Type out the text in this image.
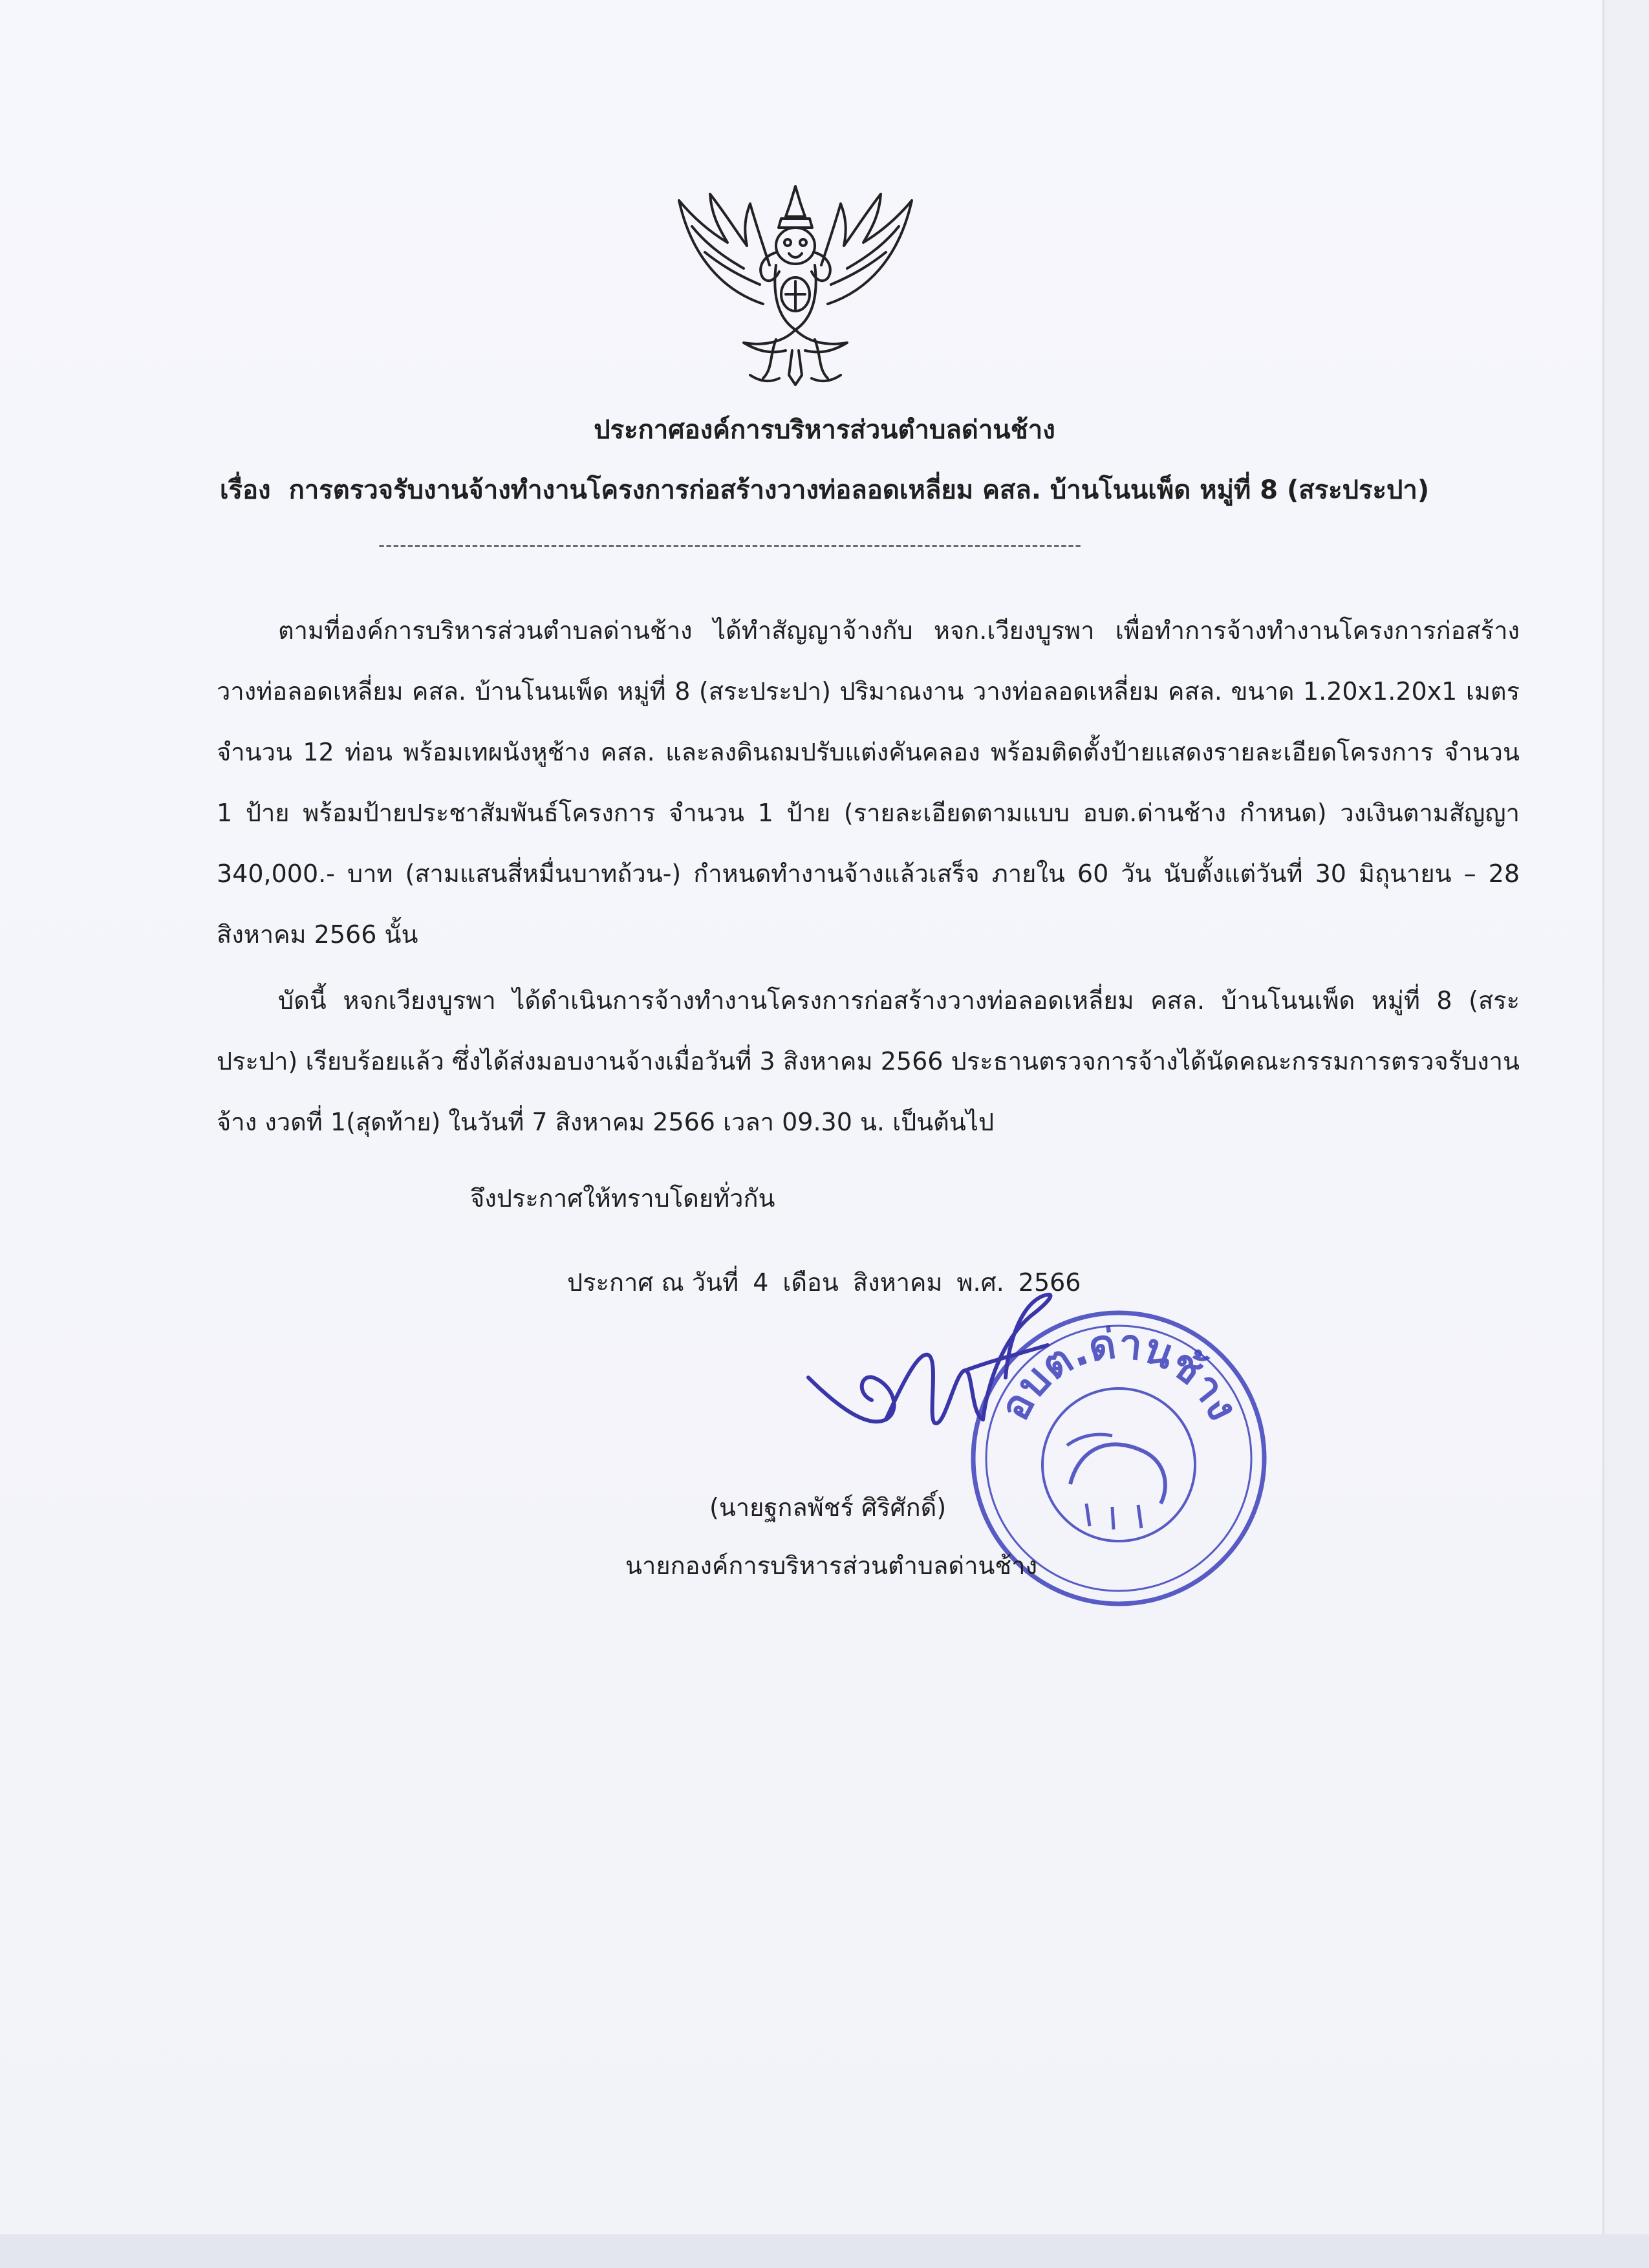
ประกาศองค์การบริหารส่วนตำบลด่านช้าง
เรื่อง การตรวจรับงานจ้างทำงานโครงการก่อสร้างวางท่อลอดเหลี่ยม คสล. บ้านโนนเพ็ด หมู่ที่ 8 (สระประปา)
--------------------------------------------------------------------------------------------------

ตามที่องค์การบริหารส่วนตำบลด่านช้าง ได้ทำสัญญาจ้างกับ หจก.เวียงบูรพา เพื่อทำการจ้างทำงานโครงการก่อสร้างวางท่อลอดเหลี่ยม คสล. บ้านโนนเพ็ด หมู่ที่ 8 (สระประปา) ปริมาณงาน วางท่อลอดเหลี่ยม คสล. ขนาด 1.20x1.20x1 เมตร จำนวน 12 ท่อน พร้อมเทผนังหูช้าง คสล. และลงดินถมปรับแต่งคันคลอง พร้อมติดตั้งป้ายแสดงรายละเอียดโครงการ จำนวน 1 ป้าย พร้อมป้ายประชาสัมพันธ์โครงการ จำนวน 1 ป้าย (รายละเอียดตามแบบ อบต.ด่านช้าง กำหนด) วงเงินตามสัญญา 340,000.- บาท (สามแสนสี่หมื่นบาทถ้วน-) กำหนดทำงานจ้างแล้วเสร็จ ภายใน 60 วัน นับตั้งแต่วันที่ 30 มิถุนายน – 28 สิงหาคม 2566 นั้น

บัดนี้ หจกเวียงบูรพา ได้ดำเนินการจ้างทำงานโครงการก่อสร้างวางท่อลอดเหลี่ยม คสล. บ้านโนนเพ็ด หมู่ที่ 8 (สระประปา) เรียบร้อยแล้ว ซึ่งได้ส่งมอบงานจ้างเมื่อวันที่ 3 สิงหาคม 2566 ประธานตรวจการจ้างได้นัดคณะกรรมการตรวจรับงานจ้าง งวดที่ 1(สุดท้าย) ในวันที่ 7 สิงหาคม 2566 เวลา 09.30 น. เป็นต้นไป

จึงประกาศให้ทราบโดยทั่วกัน
ประกาศ ณ วันที่ 4 เดือน สิงหาคม พ.ศ. 2566
อบต.ด่านช้าง
(นายฐกลพัชร์ ศิริศักดิ์)
นายกองค์การบริหารส่วนตำบลด่านช้าง
